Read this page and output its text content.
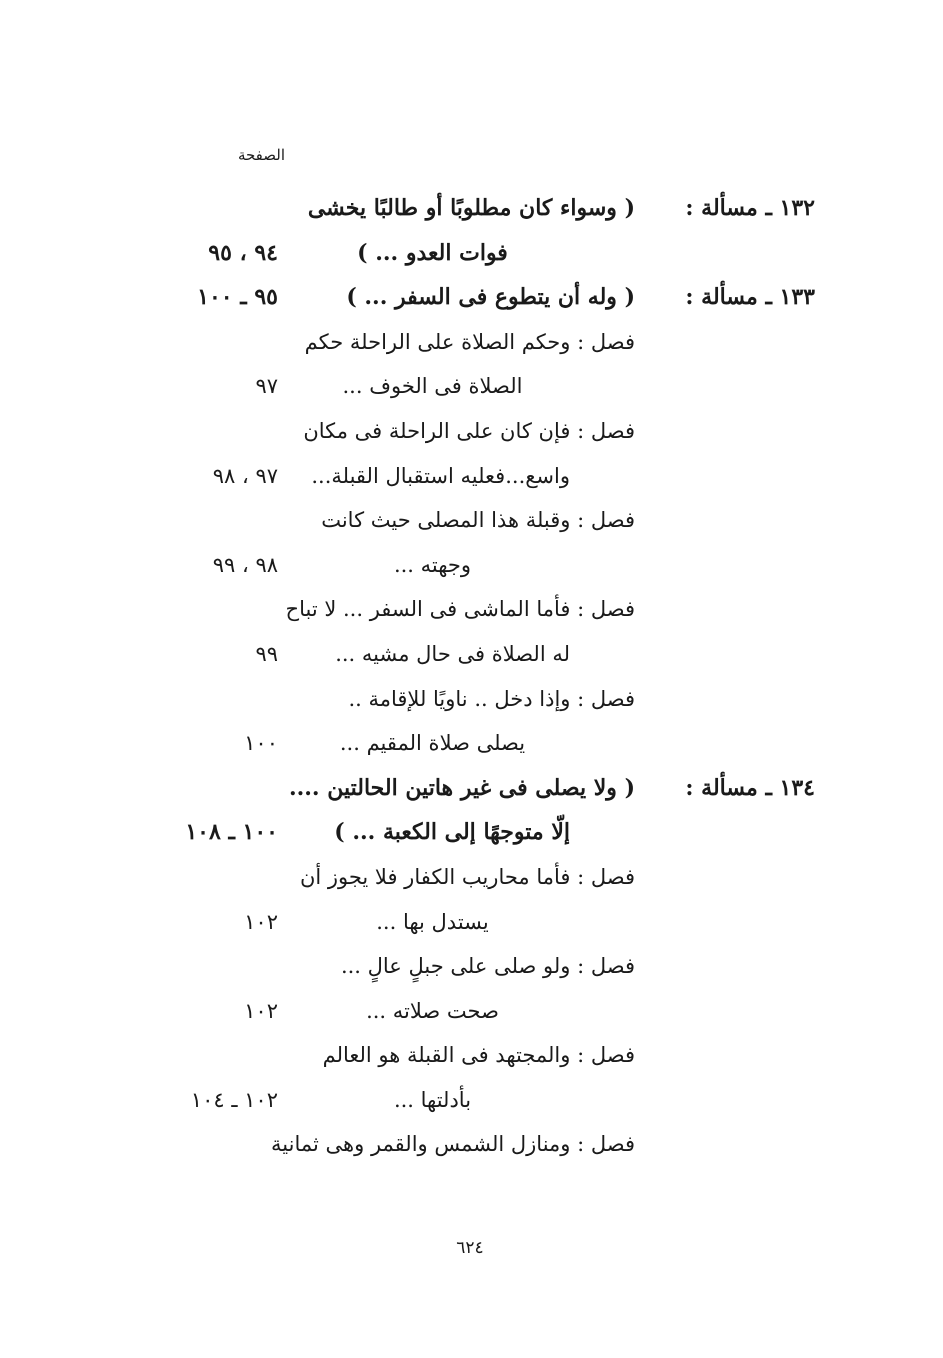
الصفحة
١٣٢ ـ مسألة :
( وسواء كان مطلوبًا أو طالبًا يخشى
فوات العدو ... )
٩٤ ، ٩٥
١٣٣ ـ مسألة :
( وله أن يتطوع فى السفر ... )
٩٥ ـ ١٠٠
فصل : وحكم الصلاة على الراحلة حكم
الصلاة فى الخوف ...
٩٧
فصل : فإن كان على الراحلة فى مكان
واسع...فعليه استقبال القبلة...
٩٧ ، ٩٨
فصل : وقبلة هذا المصلى حيث كانت
وجهته ...
٩٨ ، ٩٩
فصل : فأما الماشى فى السفر ... لا تباح
له الصلاة فى حال مشيه ...
٩٩
فصل : وإذا دخل .. ناويًا للإقامة ..
يصلى صلاة المقيم ...
١٠٠
١٣٤ ـ مسألة :
( ولا يصلى فى غير هاتين الحالتين ....
إلّا متوجهًا إلى الكعبة ... )
١٠٠ ـ ١٠٨
فصل : فأما محاريب الكفار فلا يجوز أن
يستدل بها ...
١٠٢
فصل : ولو صلى على جبلٍ عالٍ ...
صحت صلاته ...
١٠٢
فصل : والمجتهد فى القبلة هو العالم
بأدلتها ...
١٠٢ ـ ١٠٤
فصل : ومنازل الشمس والقمر وهى ثمانية
٦٢٤
